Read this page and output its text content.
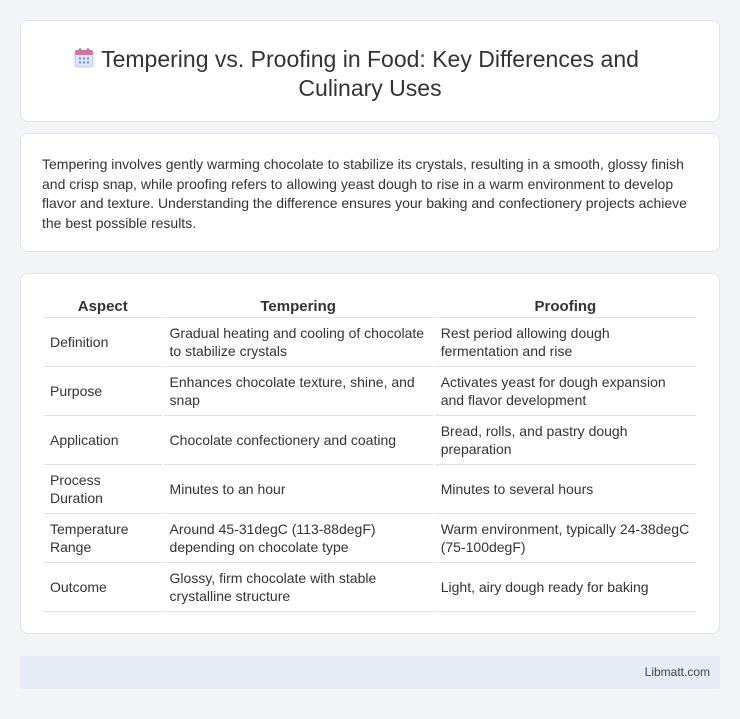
Tempering vs. Proofing in Food: Key Differences and Culinary Uses

Tempering involves gently warming chocolate to stabilize its crystals, resulting in a smooth, glossy finish and crisp snap, while proofing refers to allowing yeast dough to rise in a warm environment to develop flavor and texture. Understanding the difference ensures your baking and confectionery projects achieve the best possible results.

Aspect	Tempering	Proofing
Definition	Gradual heating and cooling of chocolate to stabilize crystals	Rest period allowing dough fermentation and rise
Purpose	Enhances chocolate texture, shine, and snap	Activates yeast for dough expansion and flavor development
Application	Chocolate confectionery and coating	Bread, rolls, and pastry dough preparation
Process Duration	Minutes to an hour	Minutes to several hours
Temperature Range	Around 45-31degC (113-88degF) depending on chocolate type	Warm environment, typically 24-38degC (75-100degF)
Outcome	Glossy, firm chocolate with stable crystalline structure	Light, airy dough ready for baking
Libmatt.com
